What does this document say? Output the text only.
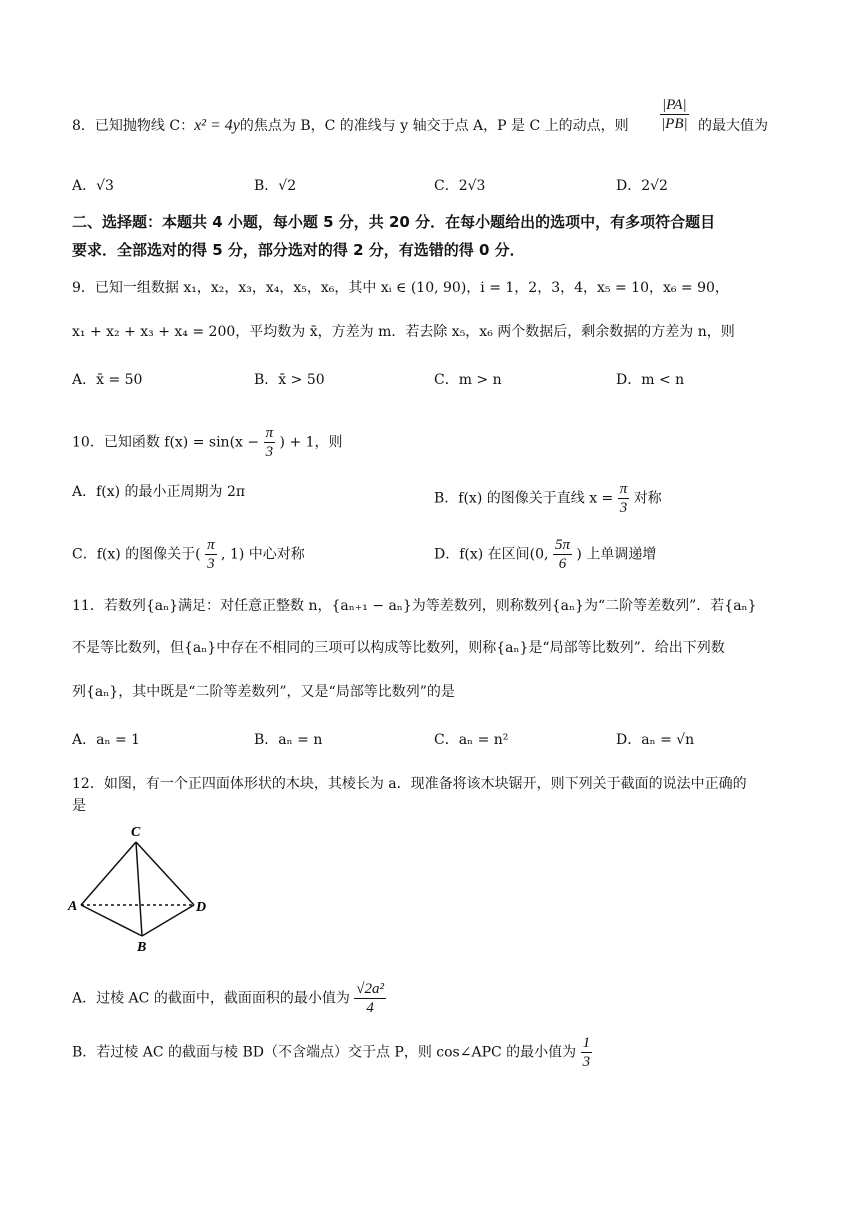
8．已知抛物线 C：x² = 4y的焦点为 B，C 的准线与 y 轴交于点 A，P 是 C 上的动点，则 $\frac{|PA|}{|PB|}$ 的最大值为
A．√3	B．√2	C．2√3	D．2√2
二、选择题：本题共 4 小题，每小题 5 分，共 20 分．在每小题给出的选项中，有多项符合题目
要求．全部选对的得 5 分，部分选对的得 2 分，有选错的得 0 分．
9．已知一组数据 x₁，x₂，x₃，x₄，x₅，x₆，其中 xᵢ ∈ (10, 90)，i = 1，2，3，4，x₅ = 10，x₆ = 90，
x₁ + x₂ + x₃ + x₄ = 200，平均数为 x̄，方差为 m．若去除 x₅，x₆ 两个数据后，剩余数据的方差为 n，则
A．x̄ = 50	B．x̄ > 50	C．m > n	D．m < n
10．已知函数 $f(x) = \sin(x - \frac{\pi}{3}$ ) + 1，则
A．f(x) 的最小正周期为 2π	B．f(x) 的图像关于直线 $x = \frac{\pi}{3}$ 对称
C．f(x) 的图像关于( $\frac{\pi}{3}$ , 1) 中心对称	D．f(x) 在区间(0, $\frac{5\pi}{6}$ ) 上单调递增
11．若数列{aₙ}满足：对任意正整数 n，{aₙ₊₁ − aₙ}为等差数列，则称数列{aₙ}为“二阶等差数列”．若{aₙ}
不是等比数列，但{aₙ}中存在不相同的三项可以构成等比数列，则称{aₙ}是“局部等比数列”．给出下列数
列{aₙ}，其中既是“二阶等差数列”，又是“局部等比数列”的是
A．aₙ = 1	B．aₙ = n	C．aₙ = n²	D．aₙ = √n
12．如图，有一个正四面体形状的木块，其棱长为 a．现准备将该木块锯开，则下列关于截面的说法中正确的
是
C
A	D
B
A．过棱 AC 的截面中，截面面积的最小值为 $\frac{\text{√2a²}}{4}$
B．若过棱 AC 的截面与棱 BD（不含端点）交于点 P，则 cos∠APC 的最小值为 $\frac{1}{3}$
